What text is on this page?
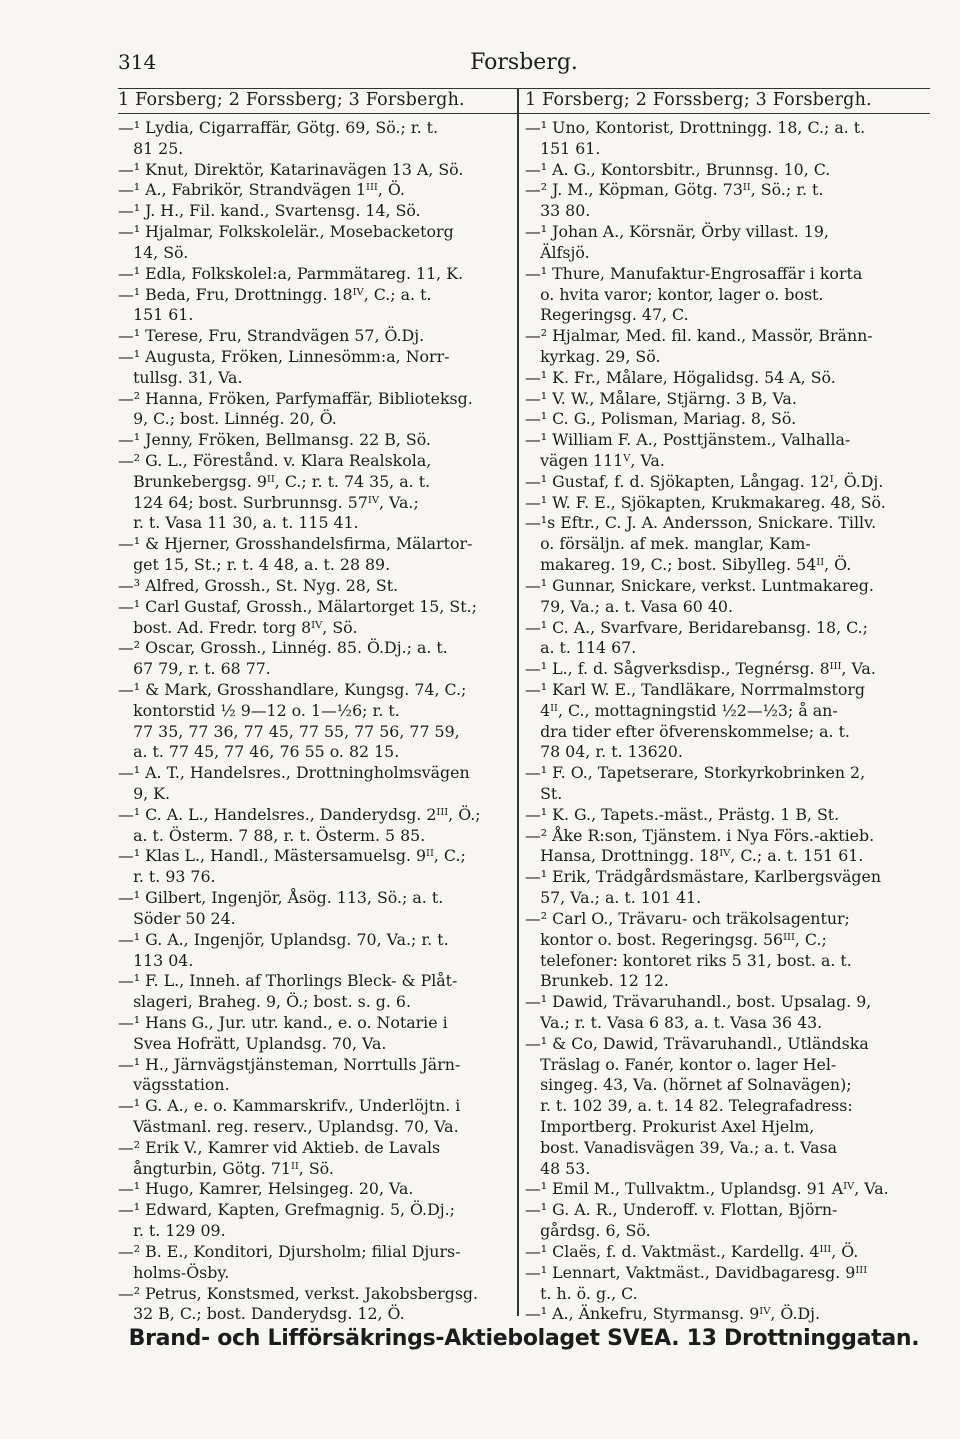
314	Forsberg.
1 Forsberg; 2 Forssberg; 3 Forsbergh.	1 Forsberg; 2 Forssberg; 3 Forsbergh.
—¹ Lydia, Cigarraffär, Götg. 69, Sö.; r. t.
81 25.
—¹ Knut, Direktör, Katarinavägen 13 A, Sö.
—¹ A., Fabrikör, Strandvägen 1ᴵᴵᴵ, Ö.
—¹ J. H., Fil. kand., Svartensg. 14, Sö.
—¹ Hjalmar, Folkskolelär., Mosebacketorg
14, Sö.
—¹ Edla, Folkskolel:a, Parmmätareg. 11, K.
—¹ Beda, Fru, Drottningg. 18ᴵⱽ, C.; a. t.
151 61.
—¹ Terese, Fru, Strandvägen 57, Ö.Dj.
—¹ Augusta, Fröken, Linnesömm:a, Norr-
tullsg. 31, Va.
—² Hanna, Fröken, Parfymaffär, Biblioteksg.
9, C.; bost. Linnég. 20, Ö.
—¹ Jenny, Fröken, Bellmansg. 22 B, Sö.
—² G. L., Förestånd. v. Klara Realskola,
Brunkebergsg. 9ᴵᴵ, C.; r. t. 74 35, a. t.
124 64; bost. Surbrunnsg. 57ᴵⱽ, Va.;
r. t. Vasa 11 30, a. t. 115 41.
—¹ & Hjerner, Grosshandelsfirma, Mälartor-
get 15, St.; r. t. 4 48, a. t. 28 89.
—³ Alfred, Grossh., St. Nyg. 28, St.
—¹ Carl Gustaf, Grossh., Mälartorget 15, St.;
bost. Ad. Fredr. torg 8ᴵⱽ, Sö.
—² Oscar, Grossh., Linnég. 85. Ö.Dj.; a. t.
67 79, r. t. 68 77.
—¹ & Mark, Grosshandlare, Kungsg. 74, C.;
kontorstid ½ 9—12 o. 1—½6; r. t.
77 35, 77 36, 77 45, 77 55, 77 56, 77 59,
a. t. 77 45, 77 46, 76 55 o. 82 15.
—¹ A. T., Handelsres., Drottningholmsvägen
9, K.
—¹ C. A. L., Handelsres., Danderydsg. 2ᴵᴵᴵ, Ö.;
a. t. Österm. 7 88, r. t. Österm. 5 85.
—¹ Klas L., Handl., Mästersamuelsg. 9ᴵᴵ, C.;
r. t. 93 76.
—¹ Gilbert, Ingenjör, Åsög. 113, Sö.; a. t.
Söder 50 24.
—¹ G. A., Ingenjör, Uplandsg. 70, Va.; r. t.
113 04.
—¹ F. L., Inneh. af Thorlings Bleck- & Plåt-
slageri, Braheg. 9, Ö.; bost. s. g. 6.
—¹ Hans G., Jur. utr. kand., e. o. Notarie i
Svea Hofrätt, Uplandsg. 70, Va.
—¹ H., Järnvägstjänsteman, Norrtulls Järn-
vägsstation.
—¹ G. A., e. o. Kammarskrifv., Underlöjtn. i
Västmanl. reg. reserv., Uplandsg. 70, Va.
—² Erik V., Kamrer vid Aktieb. de Lavals
ångturbin, Götg. 71ᴵᴵ, Sö.
—¹ Hugo, Kamrer, Helsingeg. 20, Va.
—¹ Edward, Kapten, Grefmagnig. 5, Ö.Dj.;
r. t. 129 09.
—² B. E., Konditori, Djursholm; filial Djurs-
holms-Ösby.
—² Petrus, Konstsmed, verkst. Jakobsbergsg.
32 B, C.; bost. Danderydsg. 12, Ö.
—¹ Uno, Kontorist, Drottningg. 18, C.; a. t.
151 61.
—¹ A. G., Kontorsbitr., Brunnsg. 10, C.
—² J. M., Köpman, Götg. 73ᴵᴵ, Sö.; r. t.
33 80.
—¹ Johan A., Körsnär, Örby villast. 19,
Älfsjö.
—¹ Thure, Manufaktur-Engrosaffär i korta
o. hvita varor; kontor, lager o. bost.
Regeringsg. 47, C.
—² Hjalmar, Med. fil. kand., Massör, Bränn-
kyrkag. 29, Sö.
—¹ K. Fr., Målare, Högalidsg. 54 A, Sö.
—¹ V. W., Målare, Stjärng. 3 B, Va.
—¹ C. G., Polisman, Mariag. 8, Sö.
—¹ William F. A., Posttjänstem., Valhalla-
vägen 111ⱽ, Va.
—¹ Gustaf, f. d. Sjökapten, Långag. 12ᴵ, Ö.Dj.
—¹ W. F. E., Sjökapten, Krukmakareg. 48, Sö.
—¹s Eftr., C. J. A. Andersson, Snickare. Tillv.
o. försäljn. af mek. manglar, Kam-
makareg. 19, C.; bost. Sibylleg. 54ᴵᴵ, Ö.
—¹ Gunnar, Snickare, verkst. Luntmakareg.
79, Va.; a. t. Vasa 60 40.
—¹ C. A., Svarfvare, Beridarebansg. 18, C.;
a. t. 114 67.
—¹ L., f. d. Sågverksdisp., Tegnérsg. 8ᴵᴵᴵ, Va.
—¹ Karl W. E., Tandläkare, Norrmalmstorg
4ᴵᴵ, C., mottagningstid ½2—½3; å an-
dra tider efter öfverenskommelse; a. t.
78 04, r. t. 13620.
—¹ F. O., Tapetserare, Storkyrkobrinken 2,
St.
—¹ K. G., Tapets.-mäst., Prästg. 1 B, St.
—² Åke R:son, Tjänstem. i Nya Förs.-aktieb.
Hansa, Drottningg. 18ᴵⱽ, C.; a. t. 151 61.
—¹ Erik, Trädgårdsmästare, Karlbergsvägen
57, Va.; a. t. 101 41.
—² Carl O., Trävaru- och träkolsagentur;
kontor o. bost. Regeringsg. 56ᴵᴵᴵ, C.;
telefoner: kontoret riks 5 31, bost. a. t.
Brunkeb. 12 12.
—¹ Dawid, Trävaruhandl., bost. Upsalag. 9,
Va.; r. t. Vasa 6 83, a. t. Vasa 36 43.
—¹ & Co, Dawid, Trävaruhandl., Utländska
Träslag o. Fanér, kontor o. lager Hel-
singeg. 43, Va. (hörnet af Solnavägen);
r. t. 102 39, a. t. 14 82. Telegrafadress:
Importberg. Prokurist Axel Hjelm,
bost. Vanadisvägen 39, Va.; a. t. Vasa
48 53.
—¹ Emil M., Tullvaktm., Uplandsg. 91 Aᴵⱽ, Va.
—¹ G. A. R., Underoff. v. Flottan, Björn-
gårdsg. 6, Sö.
—¹ Claës, f. d. Vaktmäst., Kardellg. 4ᴵᴵᴵ, Ö.
—¹ Lennart, Vaktmäst., Davidbagaresg. 9ᴵᴵᴵ
t. h. ö. g., C.
—¹ A., Änkefru, Styrmansg. 9ᴵⱽ, Ö.Dj.
Brand- och Lifförsäkrings-Aktiebolaget SVEA. 13 Drottninggatan.
